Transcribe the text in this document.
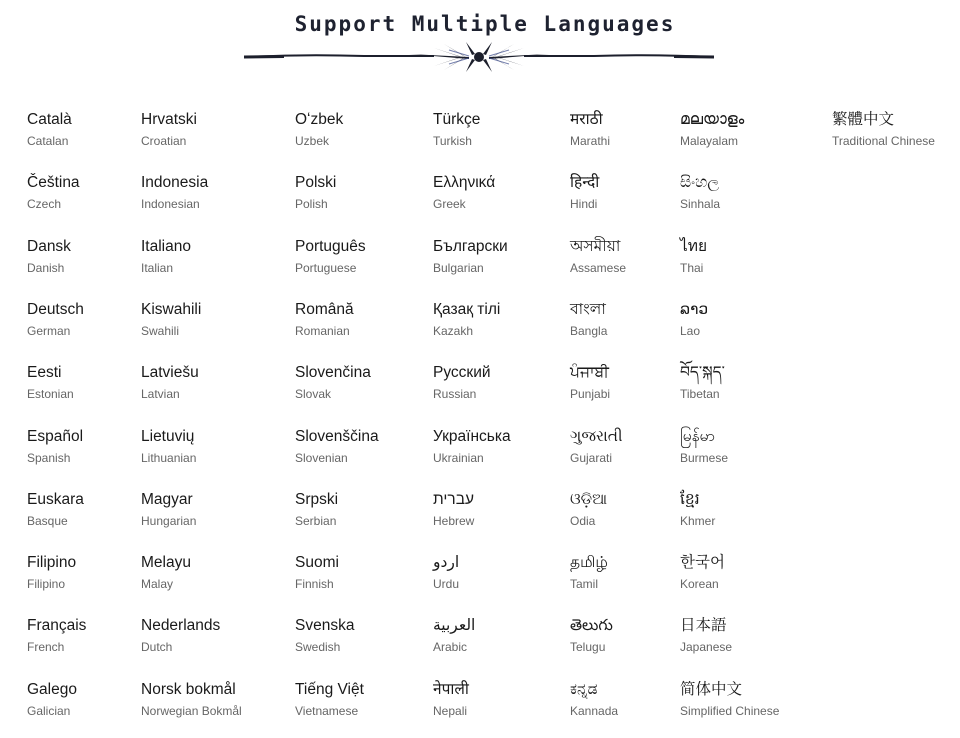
Support Multiple Languages
Català
Catalan
Čeština
Czech
Dansk
Danish
Deutsch
German
Eesti
Estonian
Español
Spanish
Euskara
Basque
Filipino
Filipino
Français
French
Galego
Galician
Hrvatski
Croatian
Indonesia
Indonesian
Italiano
Italian
Kiswahili
Swahili
Latviešu
Latvian
Lietuvių
Lithuanian
Magyar
Hungarian
Melayu
Malay
Nederlands
Dutch
Norsk bokmål
Norwegian Bokmål
Oʻzbek
Uzbek
Polski
Polish
Português
Portuguese
Română
Romanian
Slovenčina
Slovak
Slovenščina
Slovenian
Srpski
Serbian
Suomi
Finnish
Svenska
Swedish
Tiếng Việt
Vietnamese
Türkçe
Turkish
Ελληνικά
Greek
Български
Bulgarian
Қазақ тілі
Kazakh
Русский
Russian
Українська
Ukrainian
עברית
Hebrew
اردو
Urdu
العربية
Arabic
नेपाली
Nepali
मराठी
Marathi
हिन्दी
Hindi
অসমীয়া
Assamese
বাংলা
Bangla
ਪੰਜਾਬੀ
Punjabi
ગુજરાતી
Gujarati
ଓଡ଼ିଆ
Odia
தமிழ்
Tamil
తెలుగు
Telugu
ಕನ್ನಡ
Kannada
മലയാളം
Malayalam
සිංහල
Sinhala
ไทย
Thai
ລາວ
Lao
བོད་སྐད་
Tibetan
မြန်မာ
Burmese
ខ្មែរ
Khmer
한국어
Korean
日本語
Japanese
简体中文
Simplified Chinese
繁體中文
Traditional Chinese
